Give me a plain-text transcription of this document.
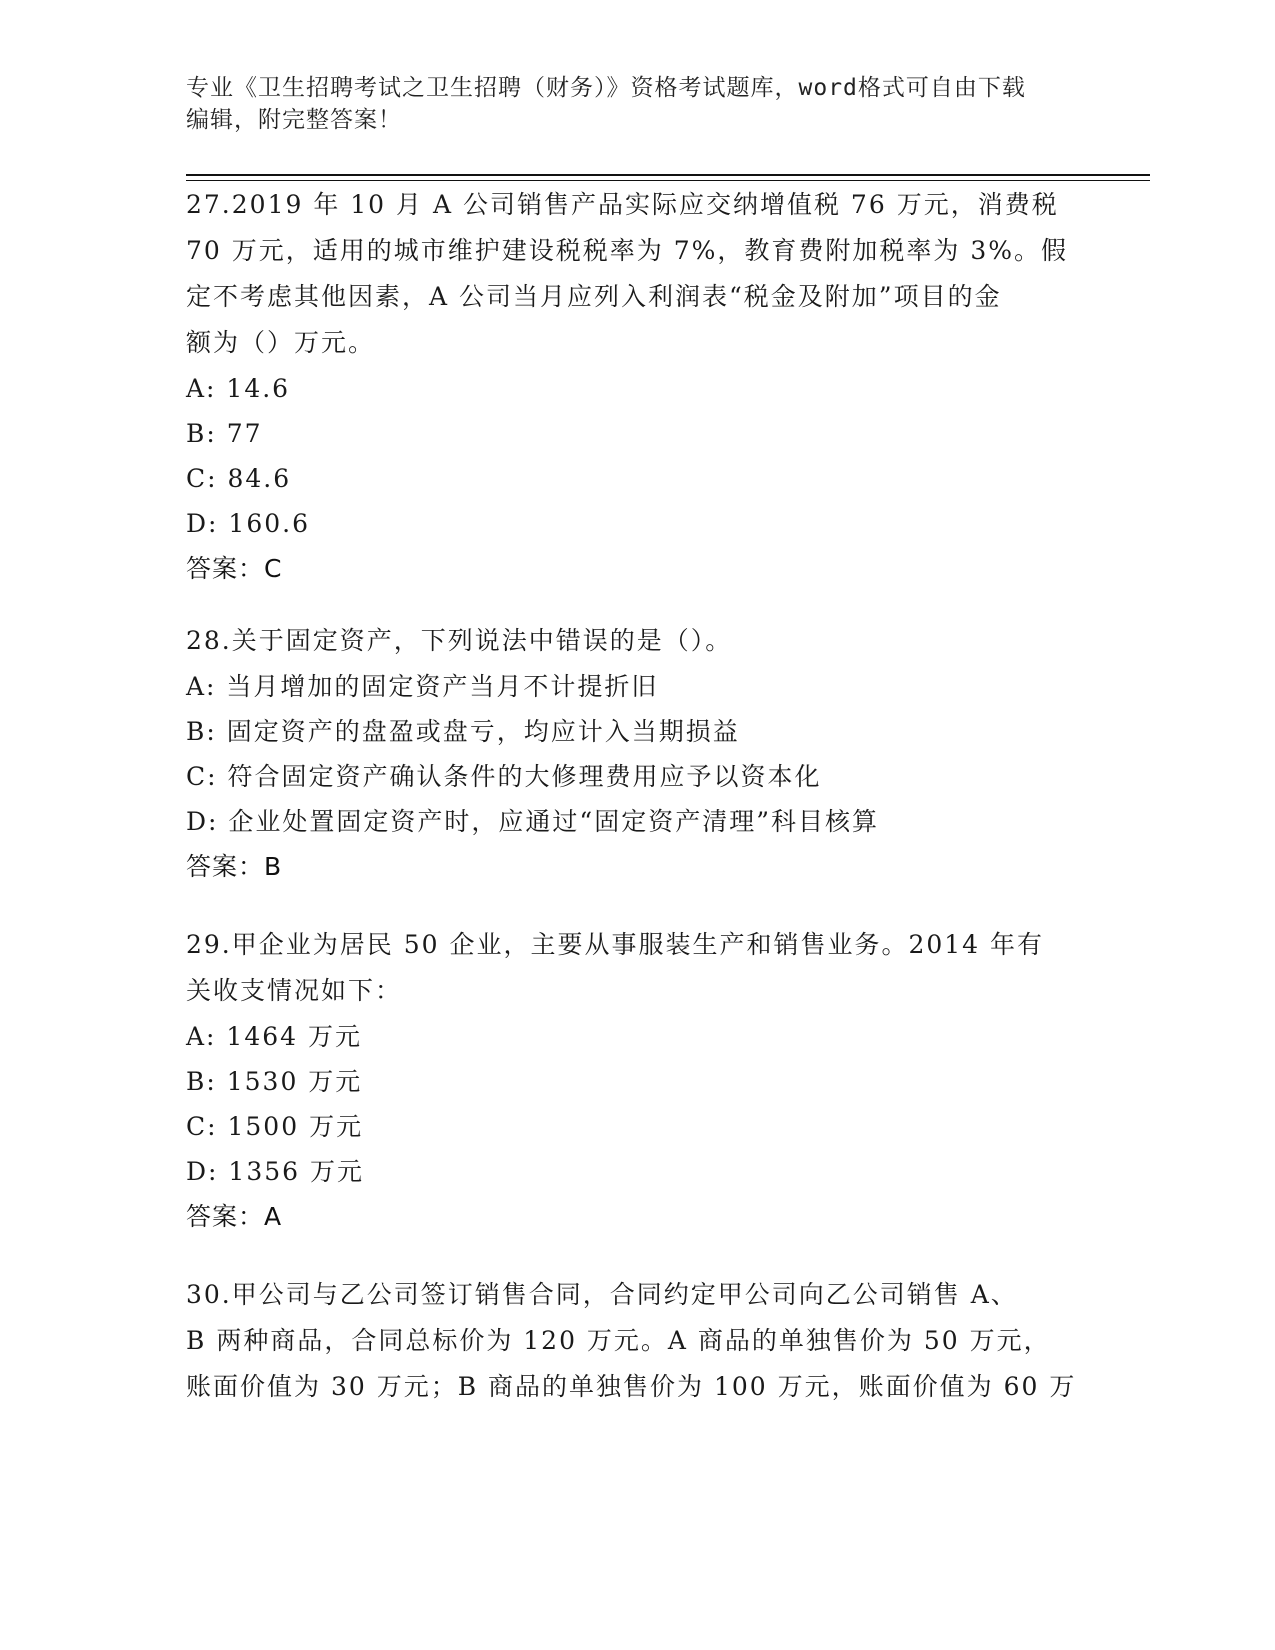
专业《卫生招聘考试之卫生招聘（财务）》资格考试题库，word格式可自由下载
编辑，附完整答案！
27.2019 年 10 月 A 公司销售产品实际应交纳增值税 76 万元，消费税
70 万元，适用的城市维护建设税税率为 7%，教育费附加税率为 3%。假
定不考虑其他因素，A 公司当月应列入利润表“税金及附加”项目的金
额为（）万元。
A: 14.6
B: 77
C: 84.6
D: 160.6
答案：C
28.关于固定资产，下列说法中错误的是（）。
A: 当月增加的固定资产当月不计提折旧
B: 固定资产的盘盈或盘亏，均应计入当期损益
C: 符合固定资产确认条件的大修理费用应予以资本化
D: 企业处置固定资产时，应通过“固定资产清理”科目核算
答案：B
29.甲企业为居民 50 企业，主要从事服装生产和销售业务。2014 年有
关收支情况如下：
A: 1464 万元
B: 1530 万元
C: 1500 万元
D: 1356 万元
答案：A
30.甲公司与乙公司签订销售合同，合同约定甲公司向乙公司销售 A、
B 两种商品，合同总标价为 120 万元。A 商品的单独售价为 50 万元，
账面价值为 30 万元；B 商品的单独售价为 100 万元，账面价值为 60 万
